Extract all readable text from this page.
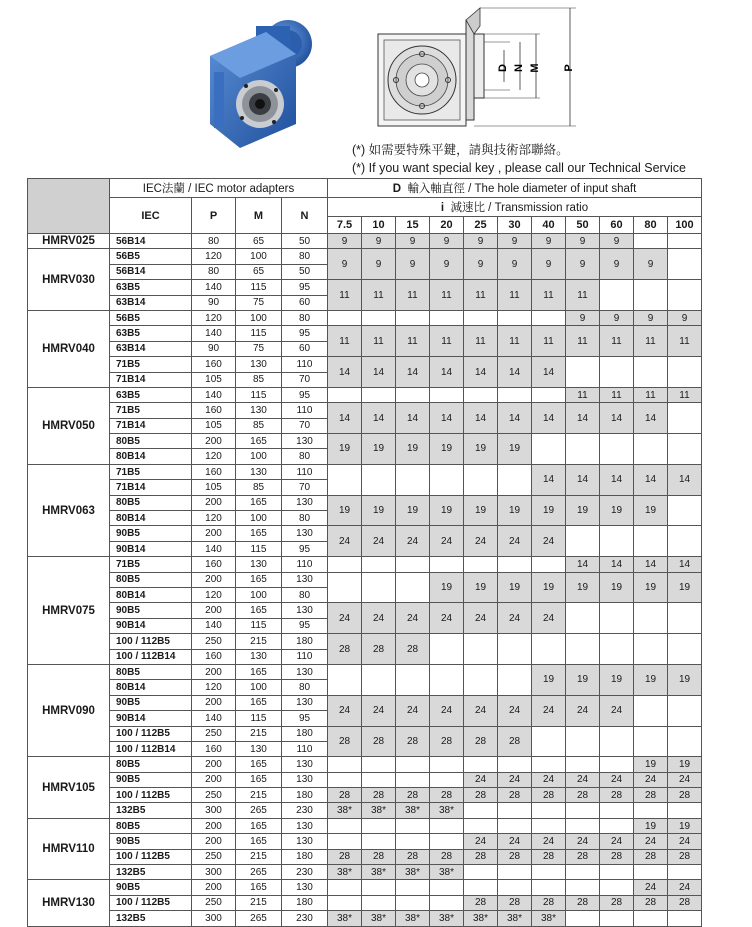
D N M P
(*) 如需要特殊平鍵，請與技術部聯絡。
(*) If you want special key , please call our Technical Service
	IEC法蘭 / IEC motor adapters				D 輸入軸直徑 / The hole diameter of input shaft										
	IEC	P	M	N	i 減速比 / Transmission ratio										
					7.5	10	15	20	25	30	40	50	60	80	100
HMRV025	56B14	80	65	50	9	9	9	9	9	9	9	9	9		
HMRV030	56B5	120	100	80	9	9	9	9	9	9	9	9	9	9	
	56B14	80	65	50											
	63B5	140	115	95	11	11	11	11	11	11	11	11			
	63B14	90	75	60											
HMRV040	56B5	120	100	80								9	9	9	9
	63B5	140	115	95	11	11	11	11	11	11	11	11	11	11	11
	63B14	90	75	60											
	71B5	160	130	110	14	14	14	14	14	14	14				
	71B14	105	85	70											
HMRV050	63B5	140	115	95								11	11	11	11
	71B5	160	130	110	14	14	14	14	14	14	14	14	14	14	
	71B14	105	85	70											
	80B5	200	165	130	19	19	19	19	19	19					
	80B14	120	100	80											
HMRV063	71B5	160	130	110							14	14	14	14	14
	71B14	105	85	70											
	80B5	200	165	130	19	19	19	19	19	19	19	19	19	19	
	80B14	120	100	80											
	90B5	200	165	130	24	24	24	24	24	24	24				
	90B14	140	115	95											
HMRV075	71B5	160	130	110								14	14	14	14
	80B5	200	165	130				19	19	19	19	19	19	19	19
	80B14	120	100	80											
	90B5	200	165	130	24	24	24	24	24	24	24				
	90B14	140	115	95											
	100 / 112B5	250	215	180	28	28	28								
	100 / 112B14	160	130	110											
HMRV090	80B5	200	165	130							19	19	19	19	19
	80B14	120	100	80											
	90B5	200	165	130	24	24	24	24	24	24	24	24	24		
	90B14	140	115	95											
	100 / 112B5	250	215	180	28	28	28	28	28	28					
	100 / 112B14	160	130	110											
HMRV105	80B5	200	165	130										19	19
	90B5	200	165	130					24	24	24	24	24	24	24
	100 / 112B5	250	215	180	28	28	28	28	28	28	28	28	28	28	28
	132B5	300	265	230	38*	38*	38*	38*							
HMRV110	80B5	200	165	130										19	19
	90B5	200	165	130					24	24	24	24	24	24	24
	100 / 112B5	250	215	180	28	28	28	28	28	28	28	28	28	28	28
	132B5	300	265	230	38*	38*	38*	38*							
HMRV130	90B5	200	165	130										24	24
	100 / 112B5	250	215	180					28	28	28	28	28	28	28
	132B5	300	265	230	38*	38*	38*	38*	38*	38*	38*				
